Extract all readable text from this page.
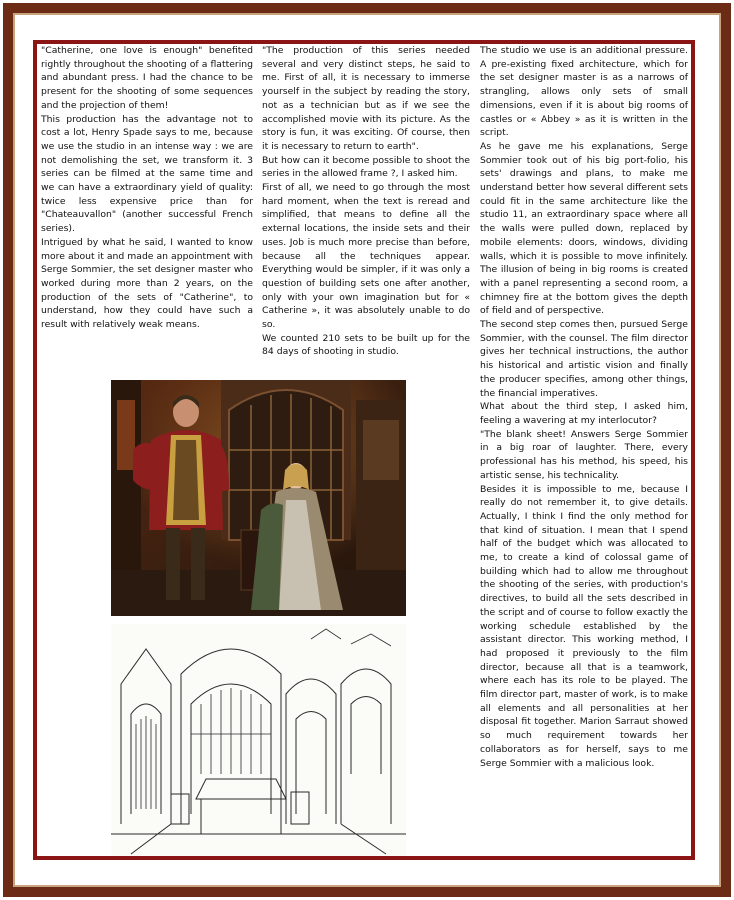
"Catherine, one love is enough" benefited rightly throughout the shooting of a flattering and abundant press. I had the chance to be present for the shooting of some sequences and the projection of them!

This production has the advantage not to cost a lot, Henry Spade says to me, because we use the studio in an intense way : we are not demolishing the set, we transform it. 3 series can be filmed at the same time and we can have a extraordinary yield of quality: twice less expensive price than for "Chateauvallon" (another successful French series).

Intrigued by what he said, I wanted to know more about it and made an appointment with Serge Sommier, the set designer master who worked during more than 2 years, on the production of the sets of "Catherine", to understand, how they could have such a result with relatively weak means.

"The production of this series needed several and very distinct steps, he said to me. First of all, it is necessary to immerse yourself in the subject by reading the story, not as a technician but as if we see the accomplished movie with its picture. As the story is fun, it was exciting. Of course, then it is necessary to return to earth".

But how can it become possible to shoot the series in the allowed frame ?, I asked him.

First of all, we need to go through the most hard moment, when the text is reread and simplified, that means to define all the external locations, the inside sets and their uses. Job is much more precise than before, because all the techniques appear. Everything would be simpler, if it was only a question of building sets one after another, only with your own imagination but for « Catherine », it was absolutely unable to do so.

We counted 210 sets to be built up for the 84 days of shooting in studio.

The studio we use is an additional pressure. A pre-existing fixed architecture, which for the set designer master is as a narrows of strangling, allows only sets of small dimensions, even if it is about big rooms of castles or « Abbey » as it is written in the script.

As he gave me his explanations, Serge Sommier took out of his big port-folio, his sets' drawings and plans, to make me understand better how several different sets could fit in the same architecture like the studio 11, an extraordinary space where all the walls were pulled down, replaced by mobile elements: doors, windows, dividing walls, which it is possible to move infinitely. The illusion of being in big rooms is created with a panel representing a second room, a chimney fire at the bottom gives the depth of field and of perspective.

The second step comes then, pursued Serge Sommier, with the counsel. The film director gives her technical instructions, the author his historical and artistic vision and finally the producer specifies, among other things, the financial imperatives.

What about the third step, I asked him, feeling a wavering at my interlocutor?

"The blank sheet! Answers Serge Sommier in a big roar of laughter. There, every professional has his method, his speed, his artistic sense, his technicality.

Besides it is impossible to me, because I really do not remember it, to give details. Actually, I think I find the only method for that kind of situation. I mean that I spend half of the budget which was allocated to me, to create a kind of colossal game of building which had to allow me throughout the shooting of the series, with production's directives, to build all the sets described in the script and of course to follow exactly the working schedule established by the assistant director. This working method, I had proposed it previously to the film director, because all that is a teamwork, where each has its role to be played. The film director part, master of work, is to make all elements and all personalities at her disposal fit together. Marion Sarraut showed so much requirement towards her collaborators as for herself, says to me Serge Sommier with a malicious look.
